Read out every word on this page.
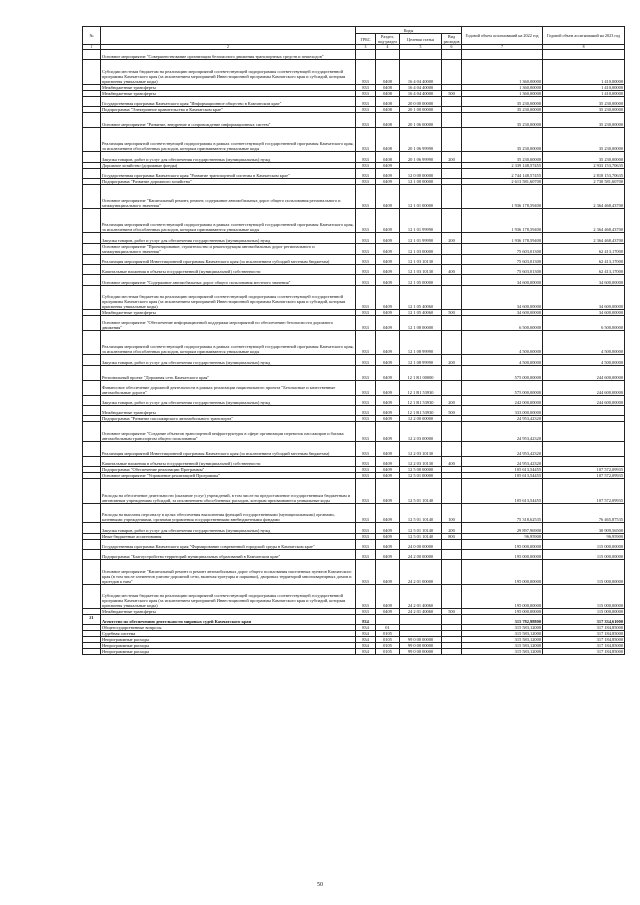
№		Коды				Годовой объем ассигнований на 2022 год	Годовой объем ассигнований на 2023 год
		ГРБС	Раздел, под-раздел	Целевая статья	Вид расходов		
1	2	3	4	5	6	7	8
	Основное мероприятие "Совершенствование организации безопасного движения транспортных средств и пешеходов"						
	Субсидии местным бюджетам на реализацию мероприятий соответствующей подпрограммы соответствующей государственной программы Камчатского края (за исключением мероприятий Инвестиционной программы Камчатского края и субсидий, которым присвоены уникальные коды)	833	0408	16 4 04 40000		1 360,00000	1 410,00000
	Межбюджетные трансферты	833	0408	16 4 04 40000		1 360,00000	1 410,00000
	Межбюджетные трансферты	833	0408	16 4 04 40000	500	1 360,00000	1 410,00000
	Государственная программа Камчатского края "Информационное общество в Камчатском крае"	833	0408	20 0 00 00000		35 230,00000	35 230,00000
	Подпрограмма "Электронное правительство в Камчатском крае"	833	0408	20 1 00 00000		35 230,00000	35 230,00000
	Основное мероприятие "Развитие, внедрение и сопровождение информационных систем"	833	0408	20 1 06 00000		35 230,00000	35 230,00000
	Реализация мероприятий соответствующей подпрограммы в рамках соответствующей государственной программы Камчатского края, за исключением обособленных расходов, которым присваиваются уникальные коды	833	0408	20 1 06 99990		35 230,00000	35 230,00000
	Закупка товаров, работ и услуг для обеспечения государственных (муниципальных) нужд	833	0408	20 1 06 99990	200	35 230,00000	35 230,00000
	Дорожное хозяйство (дорожные фонды)	833	0409			2 339 148,57455	2 933 153,70635
	Государственная программа Камчатского края "Развитие транспортной системы в Камчатском крае"	833	0409	12 0 00 00000		2 744 148,57455	2 818 153,70635
	Подпрограмма "Развитие дорожного хозяйства"	833	0409	12 1 00 00000		2 613 581,60700	2 730 581,60700
	Основное мероприятие "Капитальный ремонт, ремонт, содержание автомобильных дорог общего пользования регионального и межмуниципального значения"	833	0409	12 1 01 00000		1 936 178,59400	2 364 468,43700
	Реализация мероприятий соответствующей подпрограммы в рамках соответствующей государственной программы Камчатского края, за исключением обособленных расходов, которым присваиваются уникальные коды	833	0409	12 1 01 99990		1 936 178,59400	2 364 468,43700
	Закупка товаров, работ и услуг для обеспечения государственных (муниципальных) нужд	833	0409	12 1 01 99990	200	1 936 178,59400	2 364 468,43700
	Основное мероприятие "Проектирование, строительство и реконструкция автомобильных дорог регионального и межмуниципального значения"	833	0409	12 1 03 00000		75 603,01300	62 413,17000
	Реализация мероприятий Инвестиционной программы Камчатского края (за исключением субсидий местным бюджетам)	833	0409	12 1 03 10130		75 603,01300	62 413,17000
	Капитальные вложения в объекты государственной (муниципальной) собственности	833	0409	12 1 03 10130	400	75 603,01300	62 413,17000
	Основное мероприятие "Содержание автомобильных дорог общего пользования местного значения"	833	0409	12 1 05 00000		34 600,00000	34 600,00000
	Субсидии местным бюджетам на реализацию мероприятий соответствующей подпрограммы соответствующей государственной программы Камчатского края (за исключением мероприятий Инвестиционной программы Камчатского края и субсидий, которым присвоены уникальные коды)	833	0409	12 1 05 40060		34 600,00000	34 600,00000
	Межбюджетные трансферты	833	0409	12 1 05 40060	500	34 600,00000	34 600,00000
	Основное мероприятие "Обеспечение информационной поддержки мероприятий по обеспечению безопасности дорожного движения"	833	0409	12 1 08 00000		6 500,00000	6 500,00000
	Реализация мероприятий соответствующей подпрограммы в рамках соответствующей государственной программы Камчатского края, за исключением обособленных расходов, которым присваиваются уникальные коды	833	0409	12 1 08 99990		4 500,00000	4 500,00000
	Закупка товаров, работ и услуг для обеспечения государственных (муниципальных) нужд	833	0409	12 1 08 99990	200	4 500,00000	4 500,00000
	Региональный проект "Дорожная сеть Камчатского края"	833	0409	12 1 R1 00000		575 000,00000	244 600,00000
	Финансовое обеспечение дорожной деятельности в рамках реализации национального проекта "Безопасные и качественные автомобильные дороги"	833	0409	12 1 R1 53930		575 000,00000	244 600,00000
	Закупка товаров, работ и услуг для обеспечения государственных (муниципальных) нужд	833	0409	12 1 R1 53930	200	242 000,00000	244 600,00000
	Межбюджетные трансферты	833	0409	12 1 R1 53930	500	333 000,00000	
	Подпрограмма "Развитие пассажирского автомобильного транспорта"	833	0409	12 2 00 00000		24 953,42320	
	Основное мероприятие "Создание объектов транспортной инфраструктуры в сфере организации перевозок пассажиров и багажа автомобильным транспортом общего пользования"	833	0409	12 2 03 00000		24 953,42320	
	Реализация мероприятий Инвестиционной программы Камчатского края (за исключением субсидий местным бюджетам)	833	0409	12 2 03 10130		24 953,42320	
	Капитальные вложения в объекты государственной (муниципальной) собственности	833	0409	12 2 03 10130	400	24 953,42320	
	Подпрограмма "Обеспечение реализации Программы"	833	0409	12 5 00 00000		105 613,54455	107 572,09935
	Основное мероприятие "Управление реализацией Программы"	833	0409	12 5 01 00000		105 613,54455	107 572,09935
	Расходы на обеспечение деятельности (оказание услуг) учреждений, в том числе на предоставление государственным бюджетным и автономным учреждениям субсидий, за исключением обособленных расходов, которым присваиваются уникальные коды	833	0409	12 5 01 10140		105 613,54455	107 572,09935
	Расходы на выплаты персоналу в целях обеспечения выполнения функций государственными (муниципальными) органами, казенными учреждениями, органами управления государственными внебюджетными фондами	833	0409	12 5 01 10140	100	75 318,62535	76 465,87535
	Закупка товаров, работ и услуг для обеспечения государственных (муниципальных) нужд	833	0409	12 5 01 10140	200	29 897,96900	30 909,56500
	Иные бюджетные ассигнования	833	0409	12 5 01 10140	800	96,95900	96,95900
	Государственная программа Камчатского края "Формирование современной городской среды в Камчатском крае"	833	0409	24 0 00 00000		195 000,00000	115 000,00000
	Подпрограмма "Благоустройство территорий муниципальных образований в Камчатском крае"	833	0409	24 2 00 00000		195 000,00000	115 000,00000
	Основное мероприятие "Капитальный ремонт и ремонт автомобильных дорог общего пользования населенных пунктов Камчатского края (в том числе элементов улично-дорожной сети, включая тротуары и парковки), дворовых территорий многоквартирных домов и проездов к ним"	833	0409	24 2 01 00000		195 000,00000	115 000,00000
	Субсидии местным бюджетам на реализацию мероприятий соответствующей подпрограммы соответствующей государственной программы Камчатского края (за исключением мероприятий Инвестиционной программы Камчатского края и субсидий, которым присвоены уникальные коды)	833	0409	24 2 01 40060		195 000,00000	115 000,00000
	Межбюджетные трансферты	833	0409	24 2 01 40060	500	195 000,00000	115 000,00000
21	Агентство по обеспечению деятельности мировых судей Камчатского края	834				315 782,98800	317 334,61000
	Общегосударственные вопросы	834	01			315 583,12000	317 184,85000
	Судебная система	834	0105			315 583,12000	317 184,85000
	Непрограммные расходы	834	0105	99 0 00 00000		315 583,12000	317 184,85000
	Непрограммные расходы	834	0105	99 0 00 00000		315 583,12000	317 184,85000
	Непрограммные расходы	834	0105	99 0 00 00000		315 583,12000	317 184,85000
50
